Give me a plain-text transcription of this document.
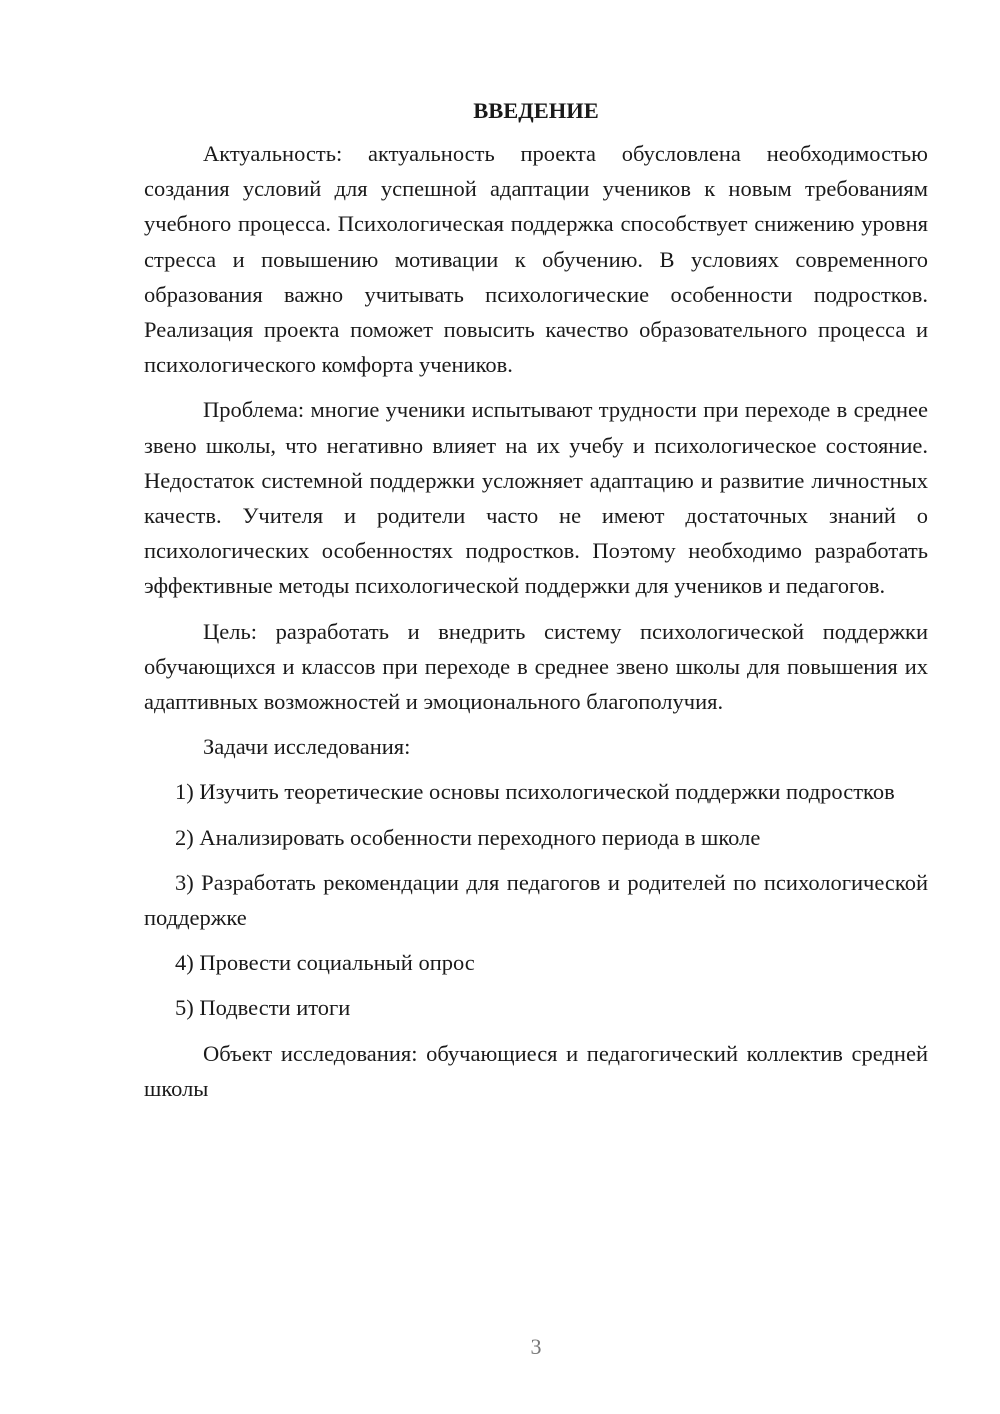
ВВЕДЕНИЕ

Актуальность: актуальность проекта обусловлена необходимостью создания условий для успешной адаптации учеников к новым требованиям учебного процесса. Психологическая поддержка способствует снижению уровня стресса и повышению мотивации к обучению. В условиях современного образования важно учитывать психологические особенности подростков. Реализация проекта поможет повысить качество образовательного процесса и психологического комфорта учеников.

Проблема: многие ученики испытывают трудности при переходе в среднее звено школы, что негативно влияет на их учебу и психологическое состояние. Недостаток системной поддержки усложняет адаптацию и развитие личностных качеств. Учителя и родители часто не имеют достаточных знаний о психологических особенностях подростков. Поэтому необходимо разработать эффективные методы психологической поддержки для учеников и педагогов.

Цель: разработать и внедрить систему психологической поддержки обучающихся и классов при переходе в среднее звено школы для повышения их адаптивных возможностей и эмоционального благополучия.

Задачи исследования:

1) Изучить теоретические основы психологической поддержки подростков

2) Анализировать особенности переходного периода в школе

3) Разработать рекомендации для педагогов и родителей по психологической поддержке

4) Провести социальный опрос

5) Подвести итоги

Объект исследования: обучающиеся и педагогический коллектив средней школы

3
